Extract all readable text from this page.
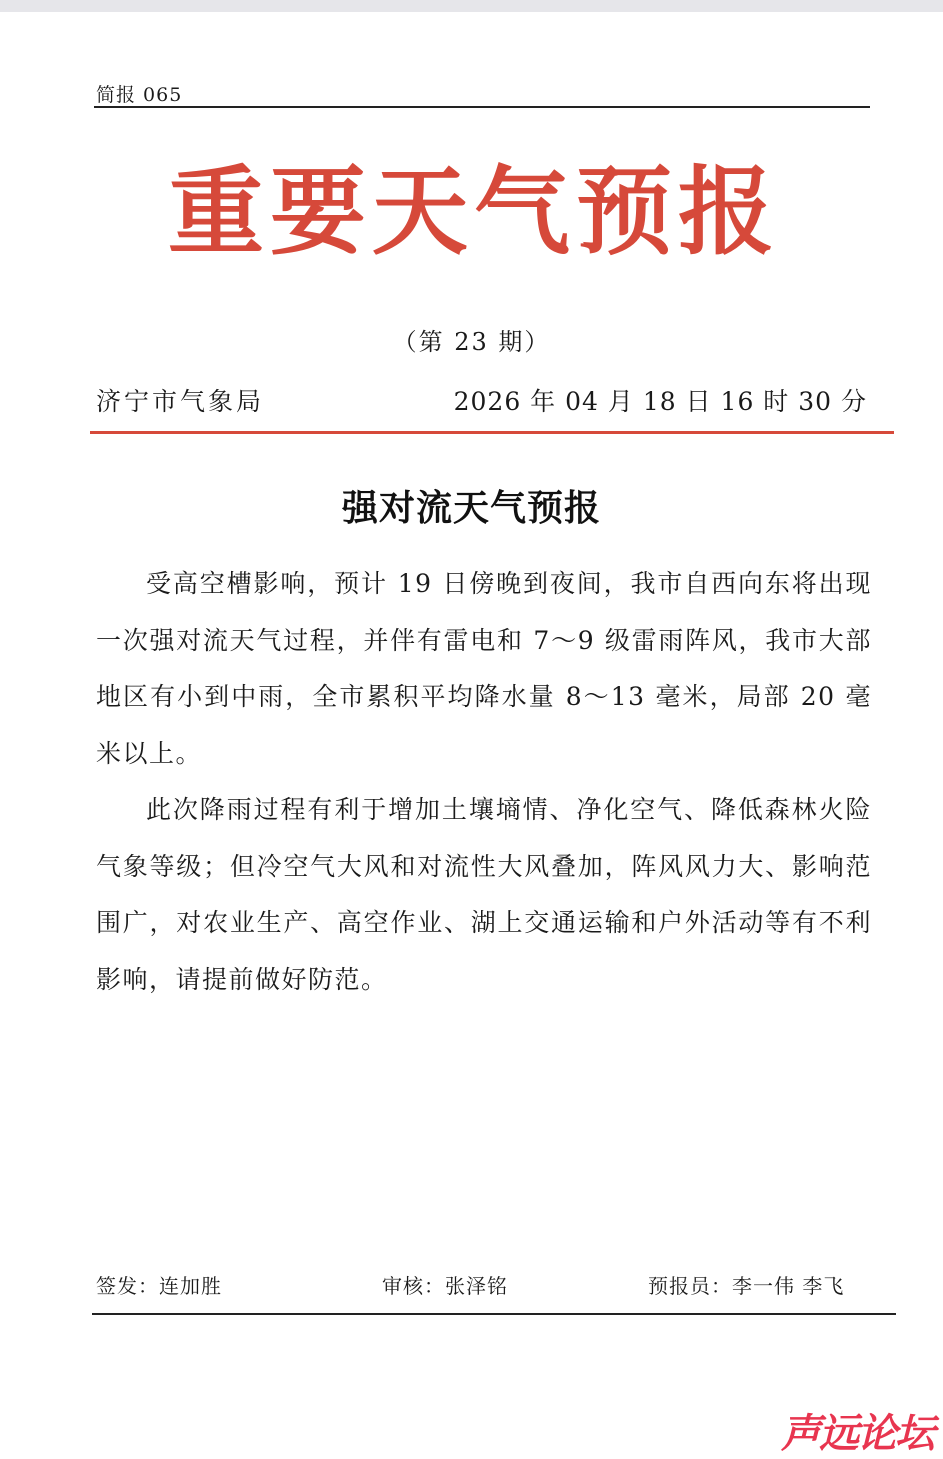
简报 065
重要天气预报
（第 23 期）
济宁市气象局	2026 年 04 月 18 日 16 时 30 分
强对流天气预报

受高空槽影响，预计 19 日傍晚到夜间，我市自西向东将出现一次强对流天气过程，并伴有雷电和 7～9 级雷雨阵风，我市大部地区有小到中雨，全市累积平均降水量 8～13 毫米，局部 20 毫米以上。

此次降雨过程有利于增加土壤墒情、净化空气、降低森林火险气象等级；但冷空气大风和对流性大风叠加，阵风风力大、影响范围广，对农业生产、高空作业、湖上交通运输和户外活动等有不利影响，请提前做好防范。

签发：连加胜	审核：张泽铭	预报员：李一伟 李飞
声远论坛
